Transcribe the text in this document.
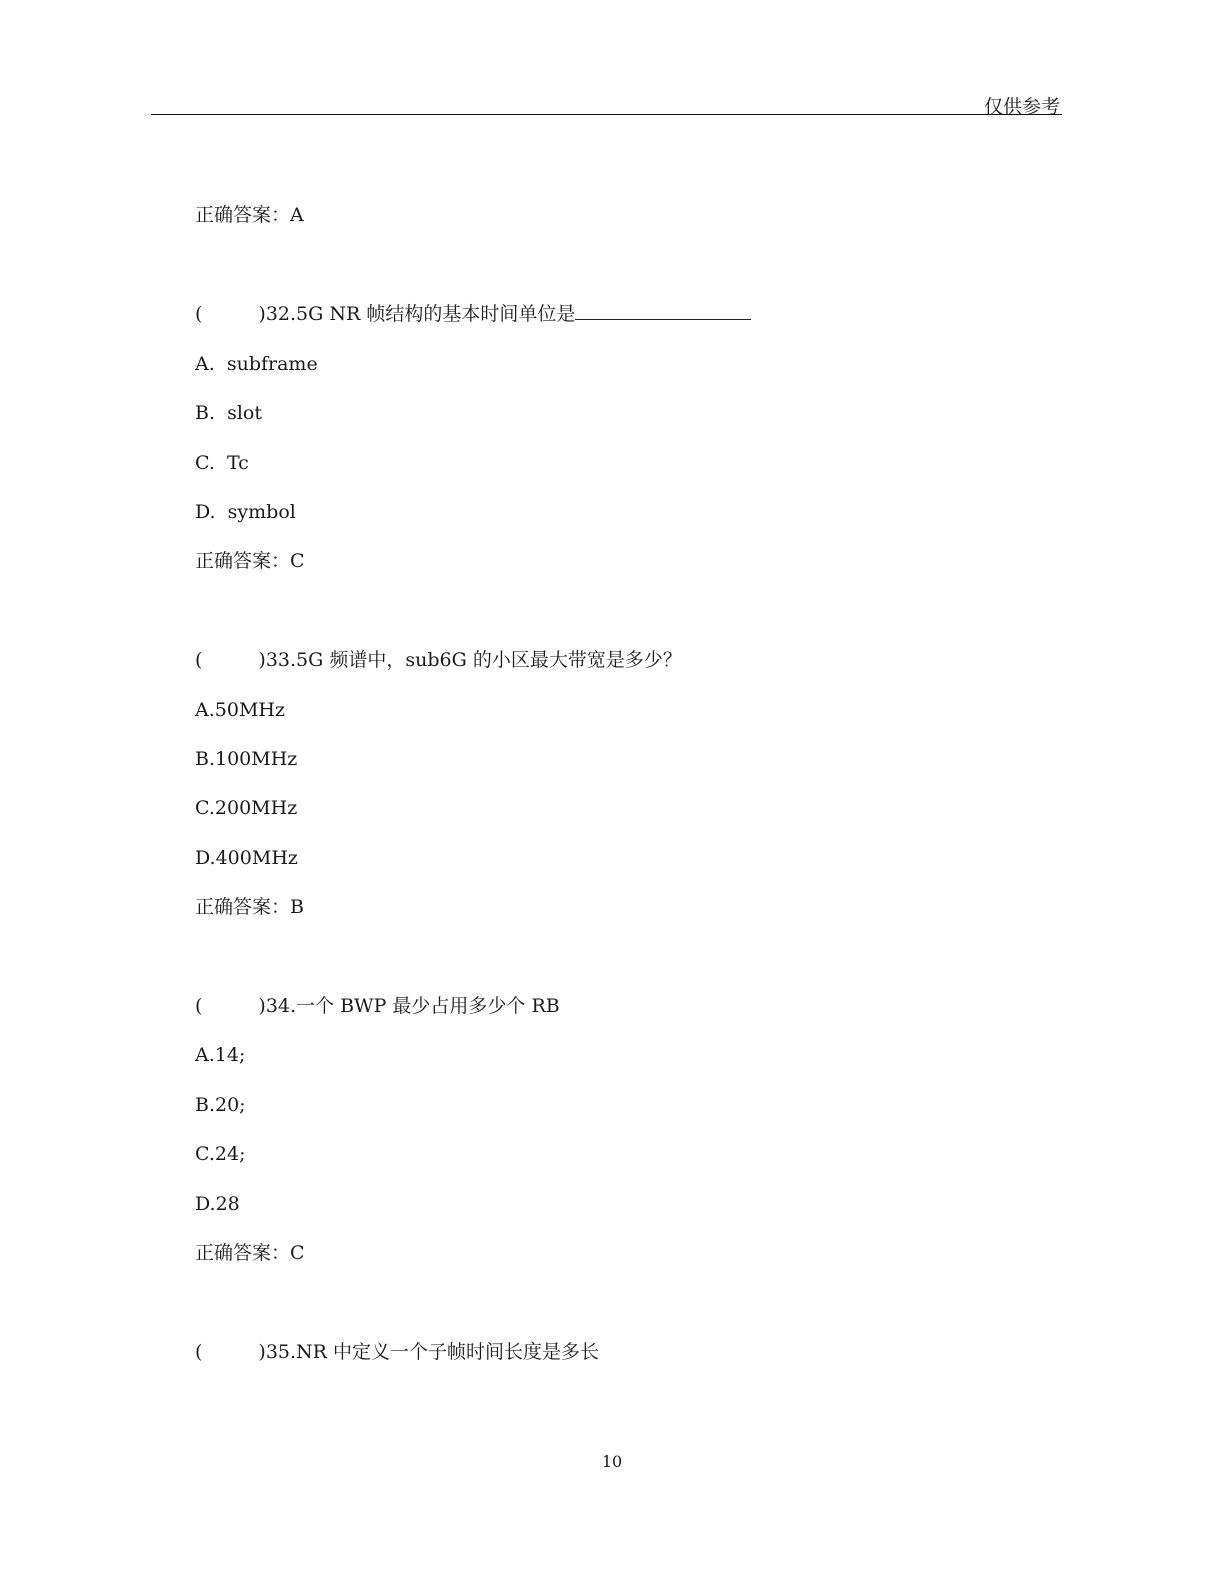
仅供参考
正确答案：A
(	)32.5G NR 帧结构的基本时间单位是
A.  subframe
B.  slot
C.  Tc
D.  symbol
正确答案：C
(	)33.5G 频谱中，sub6G 的小区最大带宽是多少？
A.50MHz
B.100MHz
C.200MHz
D.400MHz
正确答案：B
(	)34.一个 BWP 最少占用多少个 RB
A.14;
B.20;
C.24;
D.28
正确答案：C
(	)35.NR 中定义一个子帧时间长度是多长
10
